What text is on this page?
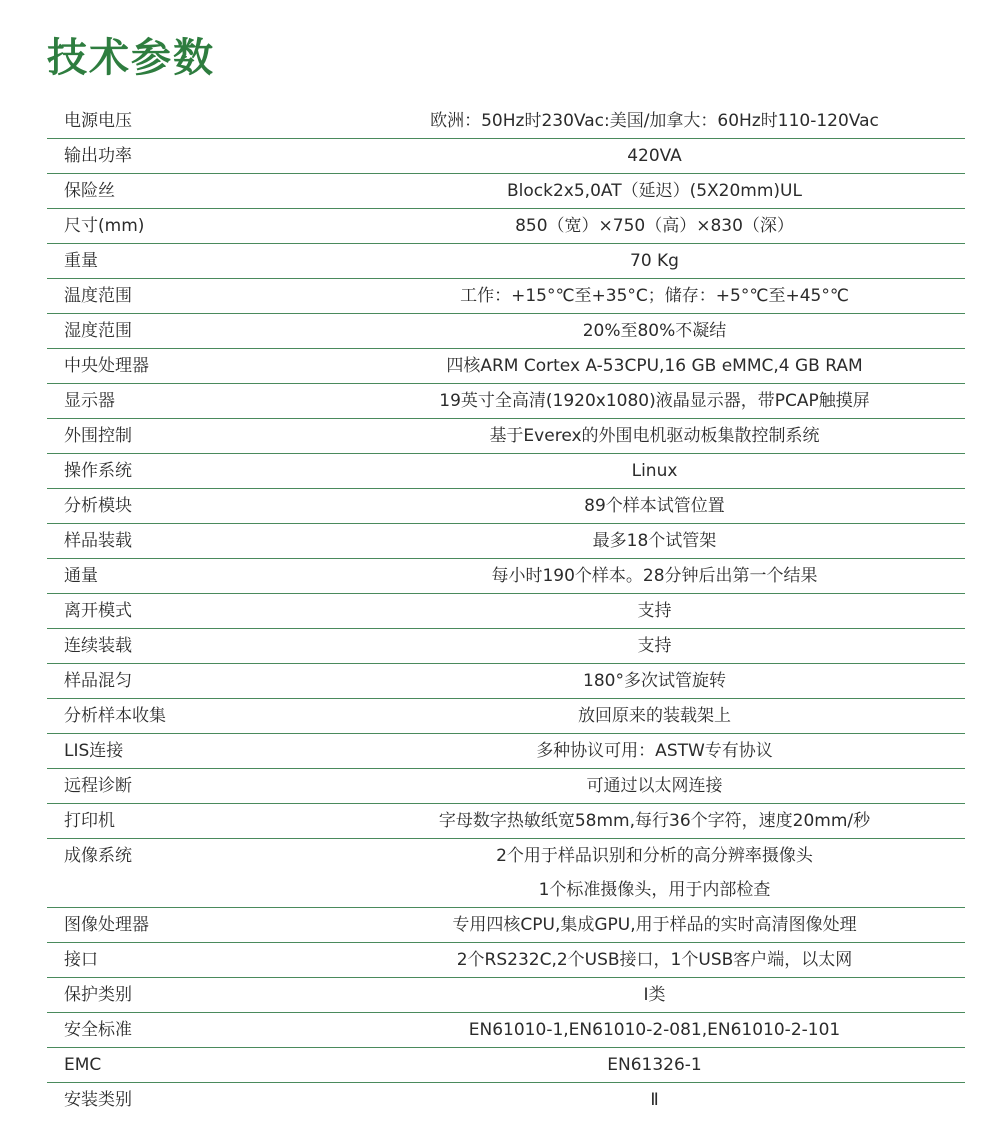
技术参数
电源电压	欧洲：50Hz时230Vac:美国/加拿大：60Hz时110-120Vac
输出功率	420VA
保险丝	Block2x5,0AT（延迟）(5X20mm)UL
尺寸(mm)	850（宽）×750（高）×830（深）
重量	70 Kg
温度范围	工作：+15°℃至+35°C；储存：+5°℃至+45°℃
湿度范围	20%至80%不凝结
中央处理器	四核ARM Cortex A-53CPU,16 GB eMMC,4 GB RAM
显示器	19英寸全高清(1920x1080)液晶显示器，带PCAP触摸屏
外围控制	基于Everex的外围电机驱动板集散控制系统
操作系统	Linux
分析模块	89个样本试管位置
样品装载	最多18个试管架
通量	每小时190个样本。28分钟后出第一个结果
离开模式	支持
连续装载	支持
样品混匀	180°多次试管旋转
分析样本收集	放回原来的装载架上
LIS连接	多种协议可用：ASTW专有协议
远程诊断	可通过以太网连接
打印机	字母数字热敏纸宽58mm,每行36个字符，速度20mm/秒
成像系统	2个用于样品识别和分析的高分辨率摄像头
1个标准摄像头，用于内部检查
图像处理器	专用四核CPU,集成GPU,用于样品的实时高清图像处理
接口	2个RS232C,2个USB接口，1个USB客户端，以太网
保护类别	Ⅰ类
安全标准	EN61010-1,EN61010-2-081,EN61010-2-101
EMC	EN61326-1
安装类别	Ⅱ
